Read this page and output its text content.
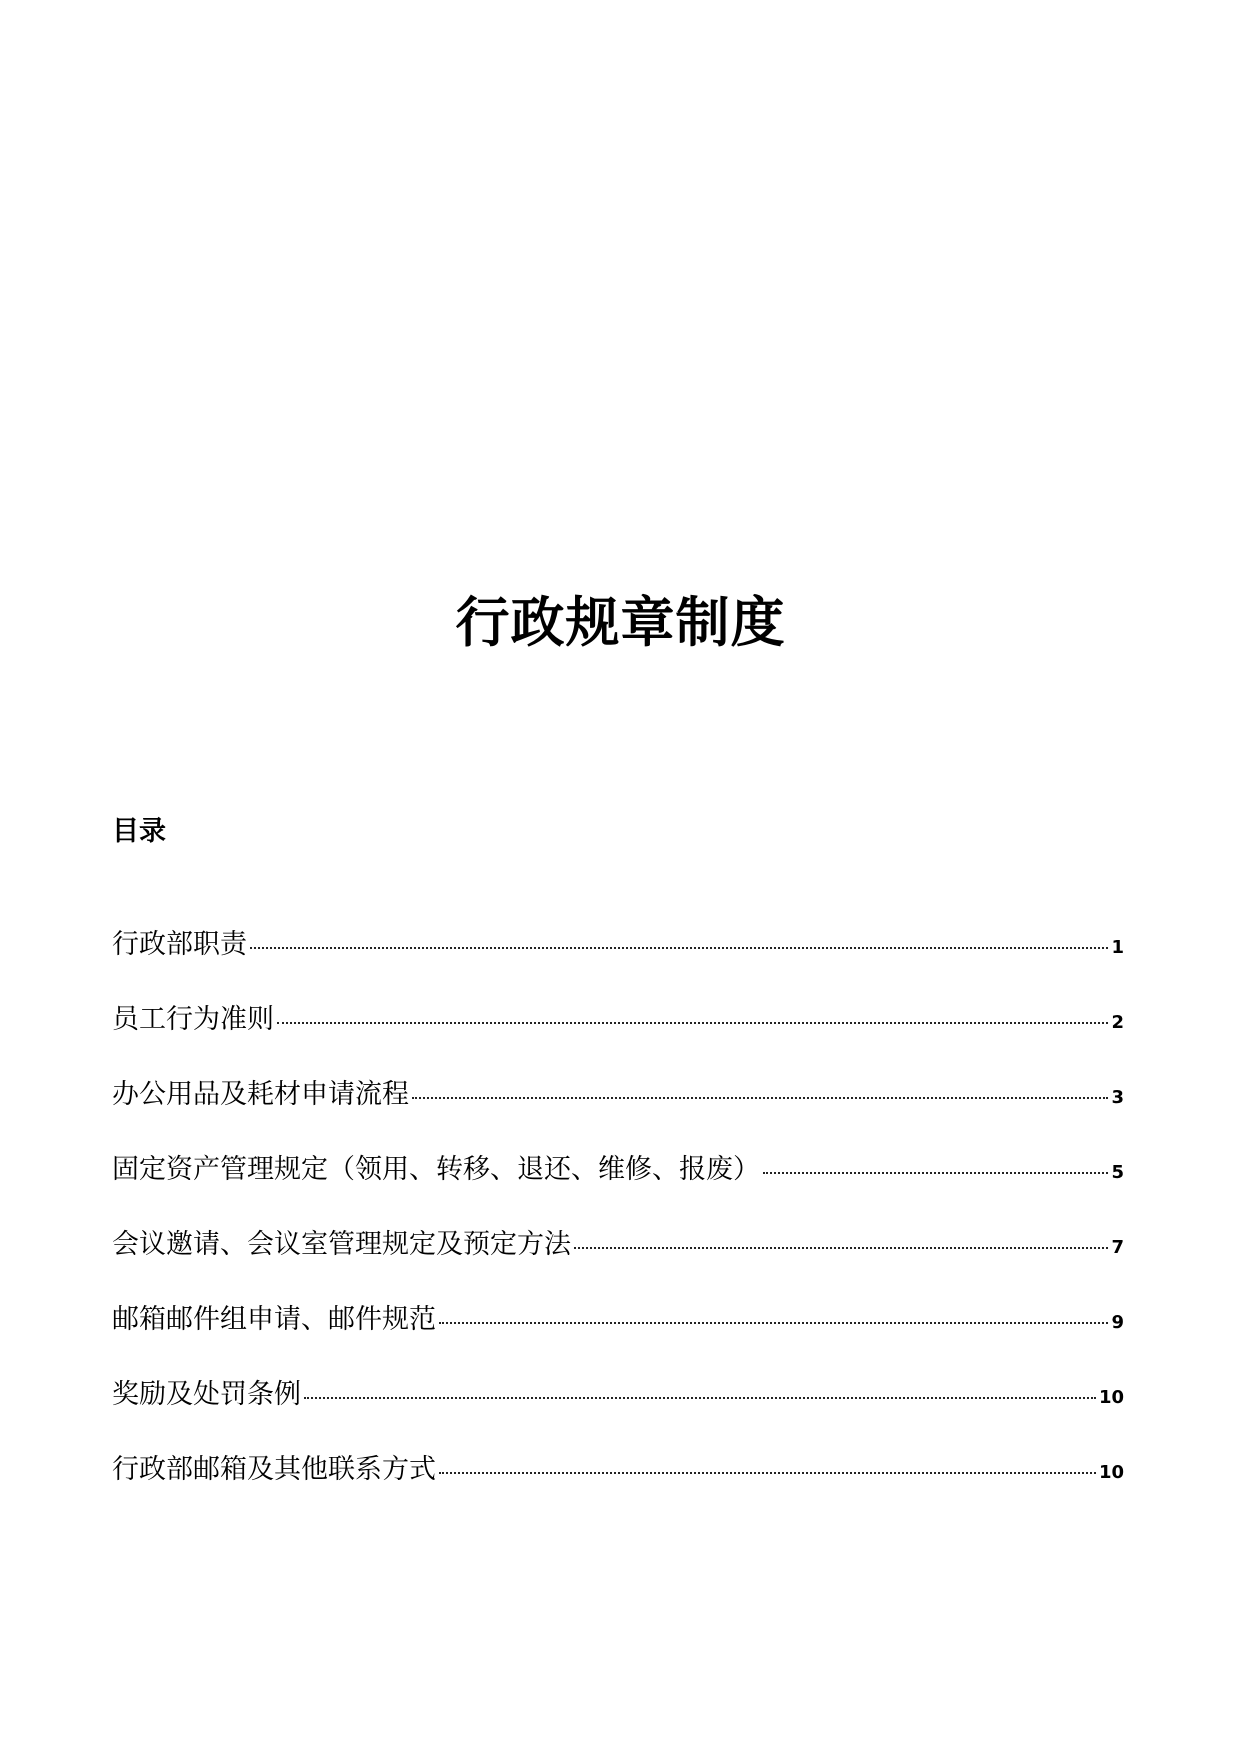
行政规章制度
目录
行政部职责	1
员工行为准则	2
办公用品及耗材申请流程	3
固定资产管理规定（领用、转移、退还、维修、报废）	5
会议邀请、会议室管理规定及预定方法	7
邮箱邮件组申请、邮件规范	9
奖励及处罚条例	10
行政部邮箱及其他联系方式	10
